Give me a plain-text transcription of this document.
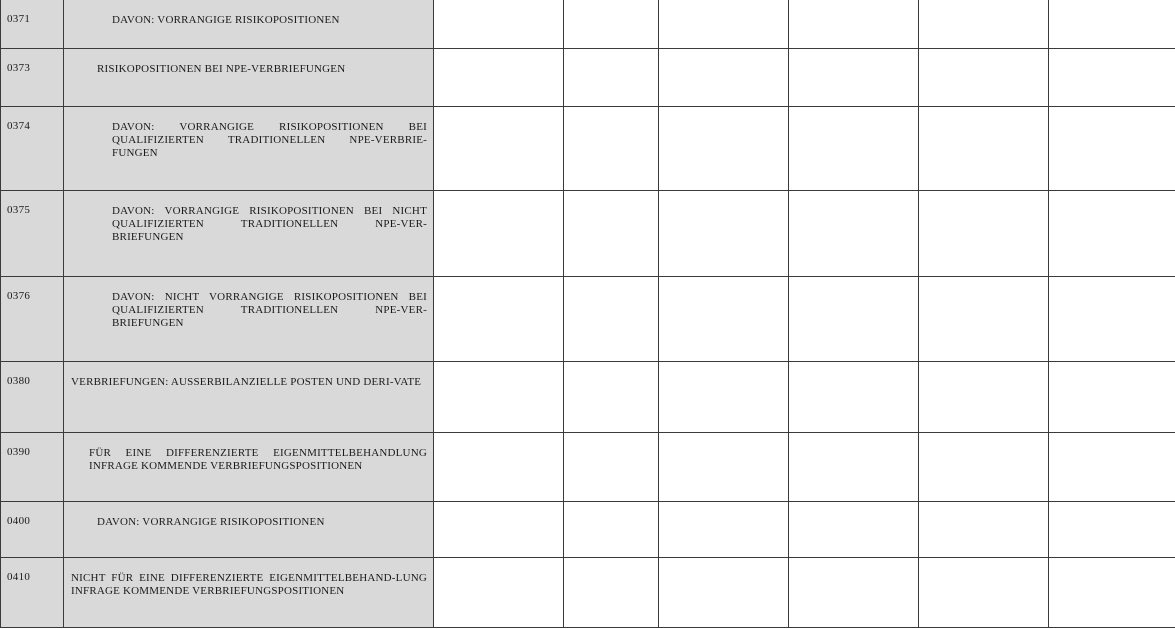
0371	DAVON: VORRANGIGE RISIKOPOSITIONEN						

0373	RISIKOPOSITIONEN BEI NPE-VERBRIEFUNGEN						

0374	DAVON: VORRANGIGE RISIKOPOSITIONEN BEI QUALIFIZIERTEN TRADITIONELLEN NPE-VERBRIE-FUNGEN						

0375	DAVON: VORRANGIGE RISIKOPOSITIONEN BEI NICHT QUALIFIZIERTEN TRADITIONELLEN NPE-VER-BRIEFUNGEN						

0376	DAVON: NICHT VORRANGIGE RISIKOPOSITIONEN BEI QUALIFIZIERTEN TRADITIONELLEN NPE-VER-BRIEFUNGEN						

0380	VERBRIEFUNGEN: AUSSERBILANZIELLE POSTEN UND DERI-VATE						

0390	FÜR EINE DIFFERENZIERTE EIGENMITTELBEHANDLUNG INFRAGE KOMMENDE VERBRIEFUNGSPOSITIONEN						

0400	DAVON: VORRANGIGE RISIKOPOSITIONEN						

0410	NICHT FÜR EINE DIFFERENZIERTE EIGENMITTELBEHAND-LUNG INFRAGE KOMMENDE VERBRIEFUNGSPOSITIONEN						
